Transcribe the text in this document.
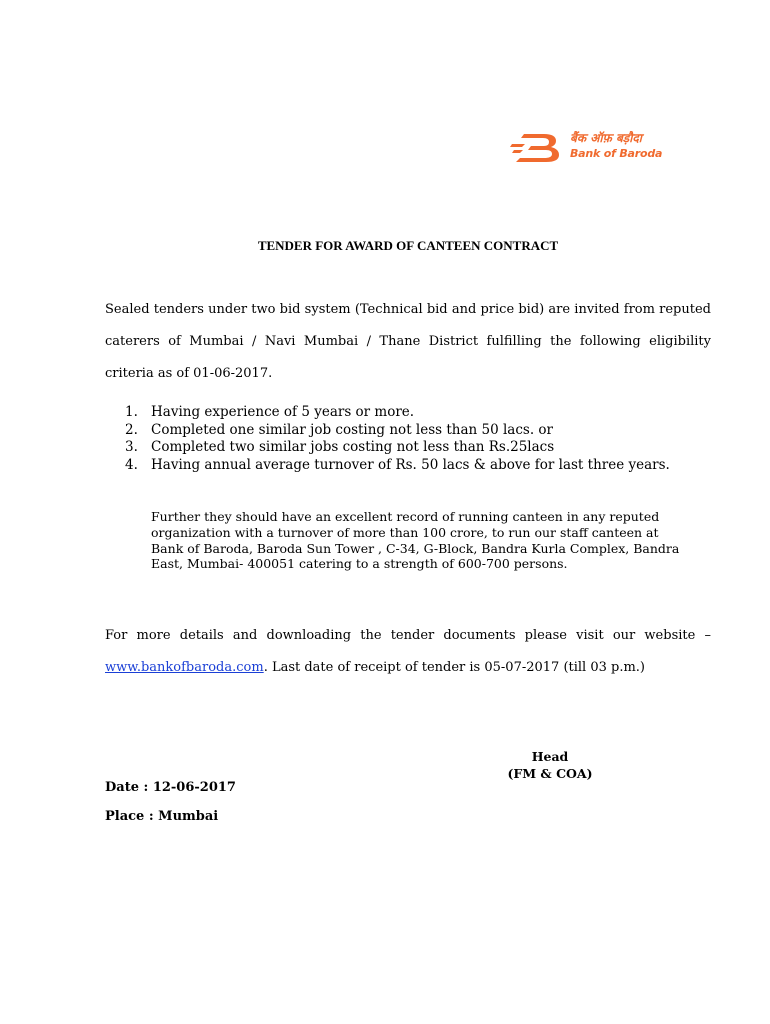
बैंक ऑफ़ बड़ौदा
Bank of Baroda
TENDER FOR AWARD OF CANTEEN CONTRACT

Sealed tenders under two bid system (Technical bid and price bid) are invited from reputed caterers of Mumbai / Navi Mumbai / Thane District fulfilling the following eligibility criteria as of 01-06-2017.

1. Having experience of 5 years or more.
2. Completed one similar job costing not less than 50 lacs. or
3. Completed two similar jobs costing not less than Rs.25lacs
4. Having annual average turnover of Rs. 50 lacs & above for last three years.

Further they should have an excellent record of running canteen in any reputed organization with a turnover of more than 100 crore, to run our staff canteen at Bank of Baroda, Baroda Sun Tower , C-34, G-Block, Bandra Kurla Complex, Bandra East, Mumbai- 400051 catering to a strength of 600-700 persons.

For more details and downloading the tender documents please visit our website – www.bankofbaroda.com. Last date of receipt of tender is 05-07-2017 (till 03 p.m.)

Head
(FM & COA)
Date : 12-06-2017
Place : Mumbai
